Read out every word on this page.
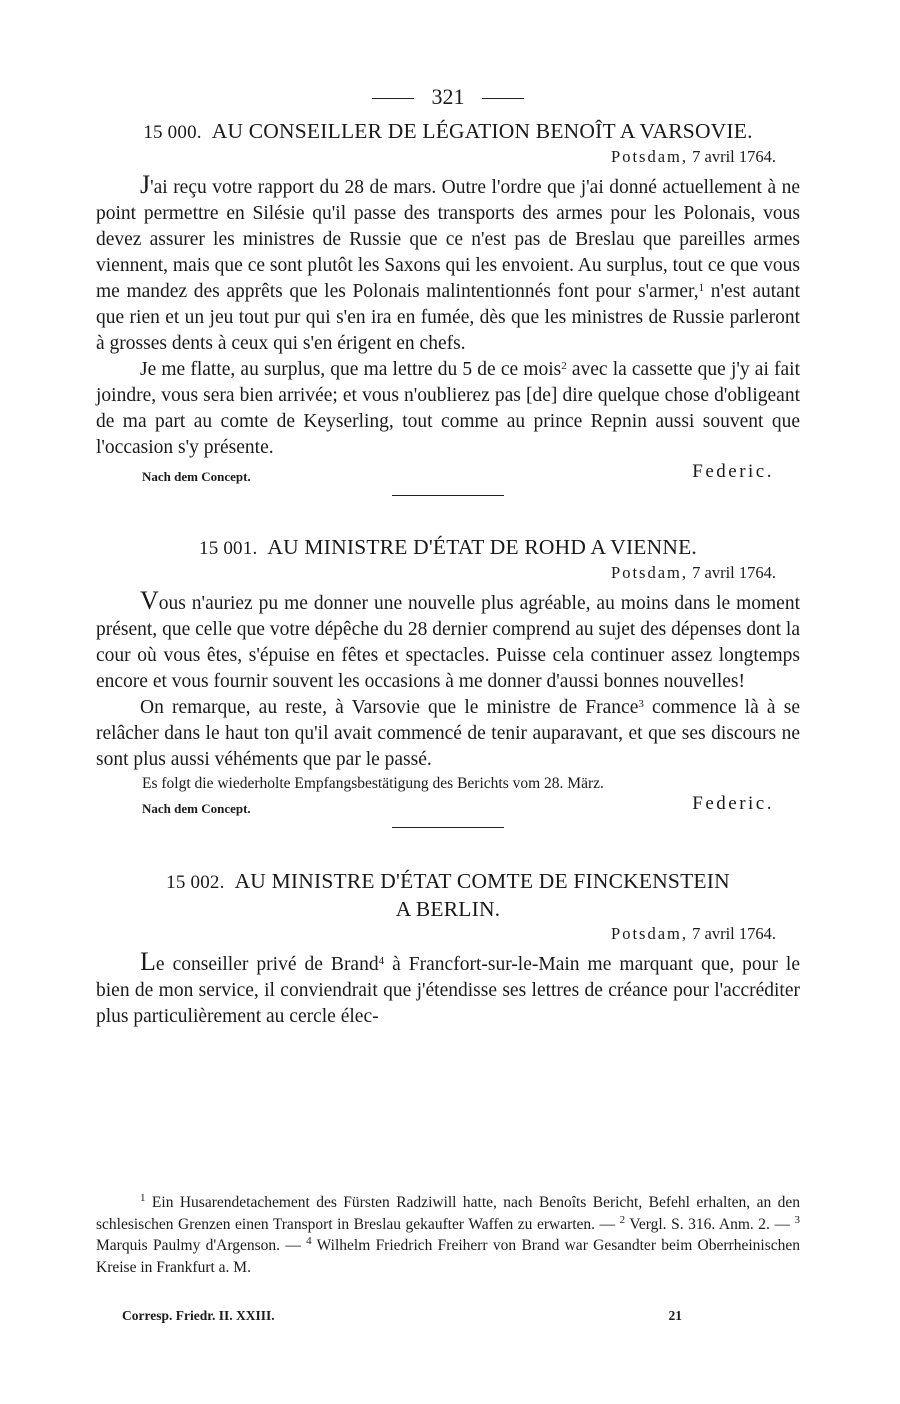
321

15 000. AU CONSEILLER DE LÉGATION BENOÎT A VARSOVIE.

Potsdam, 7 avril 1764.

J'ai reçu votre rapport du 28 de mars. Outre l'ordre que j'ai donné actuellement à ne point permettre en Silésie qu'il passe des transports des armes pour les Polonais, vous devez assurer les ministres de Russie que ce n'est pas de Breslau que pareilles armes viennent, mais que ce sont plutôt les Saxons qui les envoient. Au surplus, tout ce que vous me mandez des apprêts que les Polonais malintentionnés font pour s'armer,$^1$ n'est autant que rien et un jeu tout pur qui s'en ira en fumée, dès que les ministres de Russie parleront à grosses dents à ceux qui s'en érigent en chefs.

Je me flatte, au surplus, que ma lettre du 5 de ce mois$^2$ avec la cassette que j'y ai fait joindre, vous sera bien arrivée; et vous n'oublierez pas [de] dire quelque chose d'obligeant de ma part au comte de Keyserling, tout comme au prince Repnin aussi souvent que l'occasion s'y présente.

Nach dem Concept.	Federic.

15 001. AU MINISTRE D'ÉTAT DE ROHD A VIENNE.

Potsdam, 7 avril 1764.

Vous n'auriez pu me donner une nouvelle plus agréable, au moins dans le moment présent, que celle que votre dépêche du 28 dernier comprend au sujet des dépenses dont la cour où vous êtes, s'épuise en fêtes et spectacles. Puisse cela continuer assez longtemps encore et vous fournir souvent les occasions à me donner d'aussi bonnes nouvelles!

On remarque, au reste, à Varsovie que le ministre de France$^3$ commence là à se relâcher dans le haut ton qu'il avait commencé de tenir auparavant, et que ses discours ne sont plus aussi véhéments que par le passé.

Es folgt die wiederholte Empfangsbestätigung des Berichts vom 28. März.

Nach dem Concept.	Federic.

15 002. AU MINISTRE D'ÉTAT COMTE DE FINCKENSTEIN

A BERLIN.

Potsdam, 7 avril 1764.

Le conseiller privé de Brand$^4$ à Francfort-sur-le-Main me marquant que, pour le bien de mon service, il conviendrait que j'étendisse ses lettres de créance pour l'accréditer plus particulièrement au cercle élec-

$^1$ Ein Husarendetachement des Fürsten Radziwill hatte, nach Benoîts Bericht, Befehl erhalten, an den schlesischen Grenzen einen Transport in Breslau gekaufter Waffen zu erwarten. — $^2$ Vergl. S. 316. Anm. 2. — $^3$ Marquis Paulmy d'Argenson. — $^4$ Wilhelm Friedrich Freiherr von Brand war Gesandter beim Oberrheinischen Kreise in Frankfurt a. M.
Corresp. Friedr. II. XXIII.	21
